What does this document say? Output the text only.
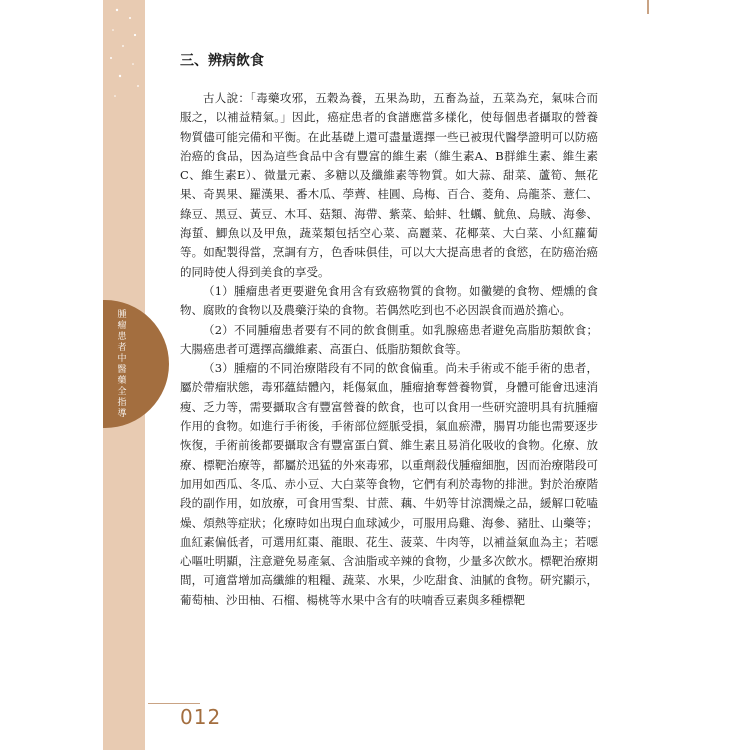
腫瘤患者中醫藥全指導
三、辨病飲食

古人說：「毒藥攻邪，五穀為養，五果為助，五畜為益，五菜為充，氣味合而服之，以補益精氣。」因此，癌症患者的食譜應當多樣化，使每個患者攝取的營養物質儘可能完備和平衡。在此基礎上還可盡量選擇一些已被現代醫學證明可以防癌治癌的食品，因為這些食品中含有豐富的維生素（維生素A、B群維生素、維生素C、維生素E）、微量元素、多糖以及纖維素等物質。如大蒜、甜菜、蘆筍、無花果、奇異果、羅漢果、番木瓜、荸薺、桂圓、烏梅、百合、菱角、烏龍茶、薏仁、綠豆、黑豆、黃豆、木耳、菇類、海帶、紫菜、蛤蚌、牡蠣、魷魚、烏賊、海參、海蜇、鯽魚以及甲魚，蔬菜類包括空心菜、高麗菜、花椰菜、大白菜、小紅蘿蔔等。如配製得當，烹調有方，色香味俱佳，可以大大提高患者的食慾，在防癌治癌的同時使人得到美食的享受。

（1）腫瘤患者更要避免食用含有致癌物質的食物。如黴變的食物、煙燻的食物、腐敗的食物以及農藥汙染的食物。若偶然吃到也不必因誤食而過於擔心。

（2）不同腫瘤患者要有不同的飲食側重。如乳腺癌患者避免高脂肪類飲食；大腸癌患者可選擇高纖維素、高蛋白、低脂肪類飲食等。

（3）腫瘤的不同治療階段有不同的飲食偏重。尚未手術或不能手術的患者，屬於帶瘤狀態，毒邪蘊結體內，耗傷氣血，腫瘤搶奪營養物質，身體可能會迅速消瘦、乏力等，需要攝取含有豐富營養的飲食，也可以食用一些研究證明具有抗腫瘤作用的食物。如進行手術後，手術部位經脈受損，氣血瘀滯，腸胃功能也需要逐步恢復，手術前後都要攝取含有豐富蛋白質、維生素且易消化吸收的食物。化療、放療、標靶治療等，都屬於迅猛的外來毒邪，以重劑殺伐腫瘤細胞，因而治療階段可加用如西瓜、冬瓜、赤小豆、大白菜等食物，它們有利於毒物的排泄。對於治療階段的副作用，如放療，可食用雪梨、甘蔗、藕、牛奶等甘涼潤燥之品，緩解口乾嗑燥、煩熱等症狀；化療時如出現白血球減少，可服用烏雞、海參、豬肚、山藥等；血紅素偏低者，可選用紅棗、龍眼、花生、菠菜、牛肉等，以補益氣血為主；若噁心嘔吐明顯，注意避免易產氣、含油脂或辛辣的食物，少量多次飲水。標靶治療期間，可適當增加高纖維的粗糧、蔬菜、水果，少吃甜食、油膩的食物。研究顯示，葡萄柚、沙田柚、石榴、楊桃等水果中含有的呋喃香豆素與多種標靶

012
